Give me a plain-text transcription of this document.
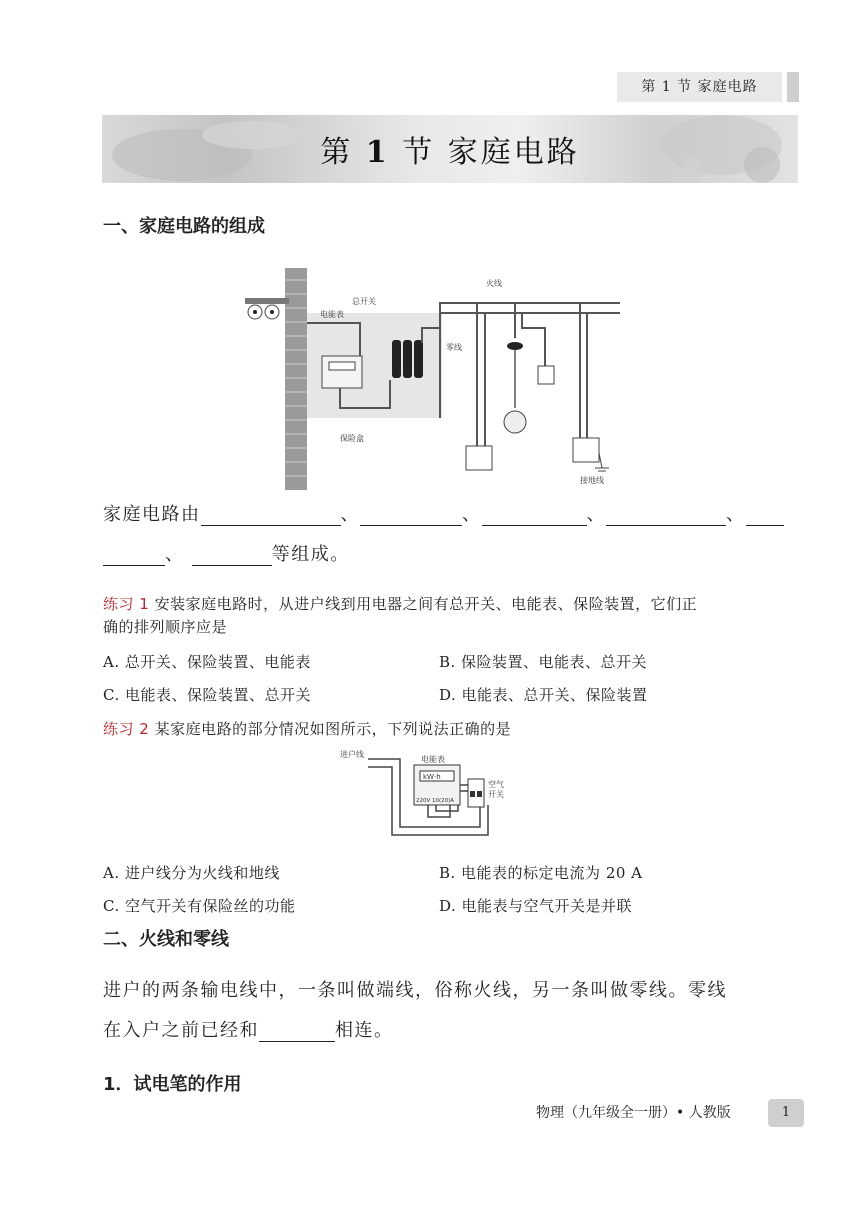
第 1 节 家庭电路
第 1 节 家庭电路
一、家庭电路的组成
电能表
总开关
火线
零线
保险盒
接地线
家庭电路由	、	、	、	、
、	等组成。
练习 1 安装家庭电路时，从进户线到用电器之间有总开关、电能表、保险装置，它们正
确的排列顺序应是
A. 总开关、保险装置、电能表	B. 保险装置、电能表、总开关
C. 电能表、保险装置、总开关	D. 电能表、总开关、保险装置
练习 2 某家庭电路的部分情况如图所示，下列说法正确的是
进户线
电能表
kW·h
220V 10(20)A
空气
开关
A. 进户线分为火线和地线	B. 电能表的标定电流为 20 A
C. 空气开关有保险丝的功能	D. 电能表与空气开关是并联
二、火线和零线
进户的两条输电线中，一条叫做端线，俗称火线，另一条叫做零线。零线
在入户之前已经和	相连。
1．试电笔的作用
物理（九年级全一册）• 人教版	1
